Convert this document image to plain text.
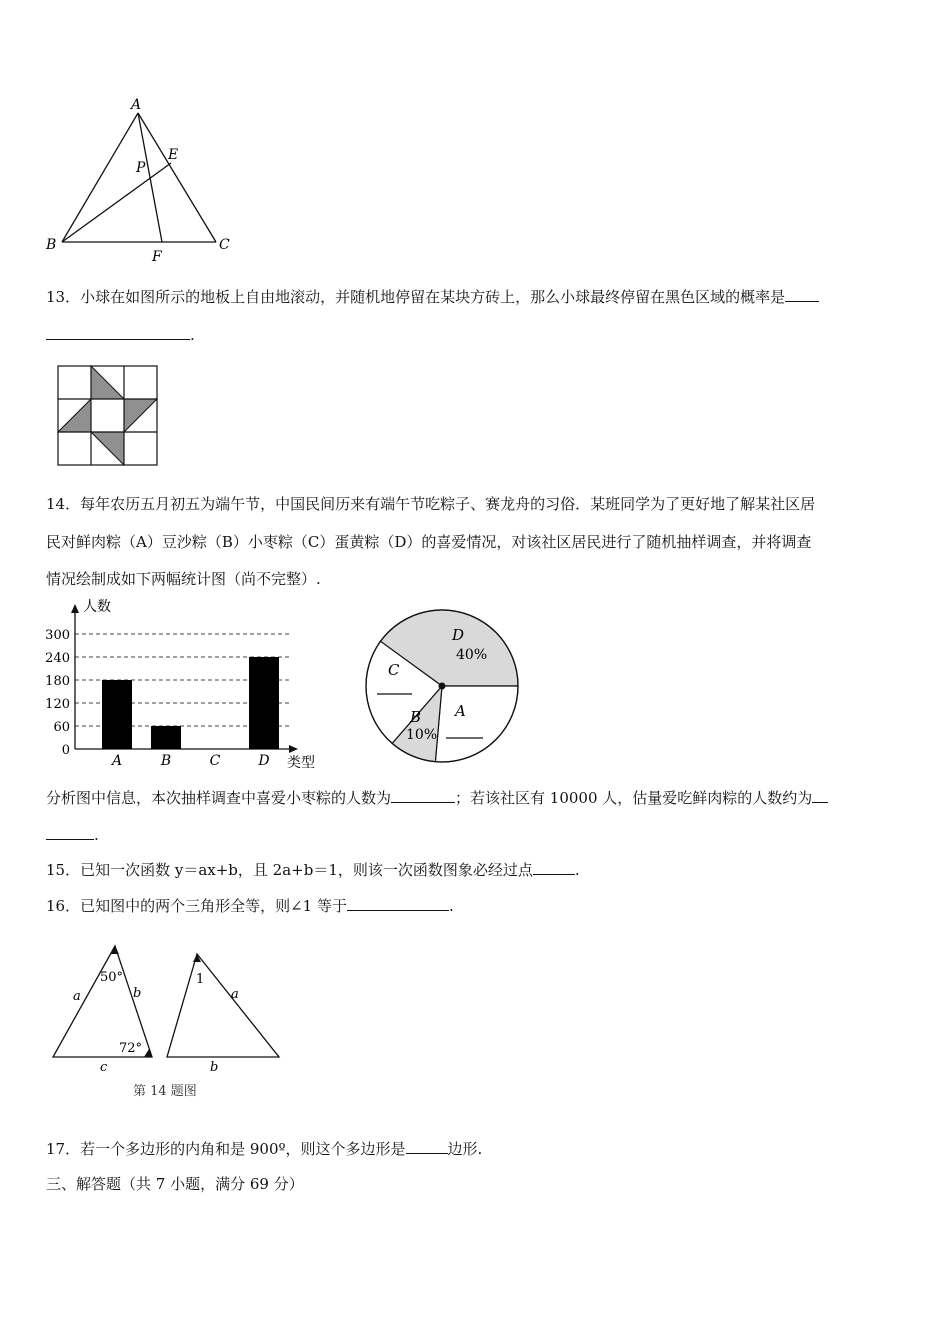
A
P
E
B	C
F
13．小球在如图所示的地板上自由地滚动，并随机地停留在某块方砖上，那么小球最终停留在黑色区域的概率是
.
14．每年农历五月初五为端午节，中国民间历来有端午节吃粽子、赛龙舟的习俗．某班同学为了更好地了解某社区居
民对鲜肉粽（A）豆沙粽（B）小枣粽（C）蛋黄粽（D）的喜爱情况，对该社区居民进行了随机抽样调查，并将调查
情况绘制成如下两幅统计图（尚不完整）.
0
60
120
180
240
300
人数
类型
A	B	C	D
D
40%
A
B
10%
C
分析图中信息，本次抽样调查中喜爱小枣粽的人数为	；若该社区有 10000 人，估量爱吃鲜肉粽的人数约为
.
15．已知一次函数 y＝ax+b，且 2a+b＝1，则该一次函数图象必经过点	.
16．已知图中的两个三角形全等，则∠1 等于	.
50°
a	b
72°
c
1
a
b
第 14 题图
17．若一个多边形的内角和是 900º，则这个多边形是	边形.
三、解答题（共 7 小题，满分 69 分）
